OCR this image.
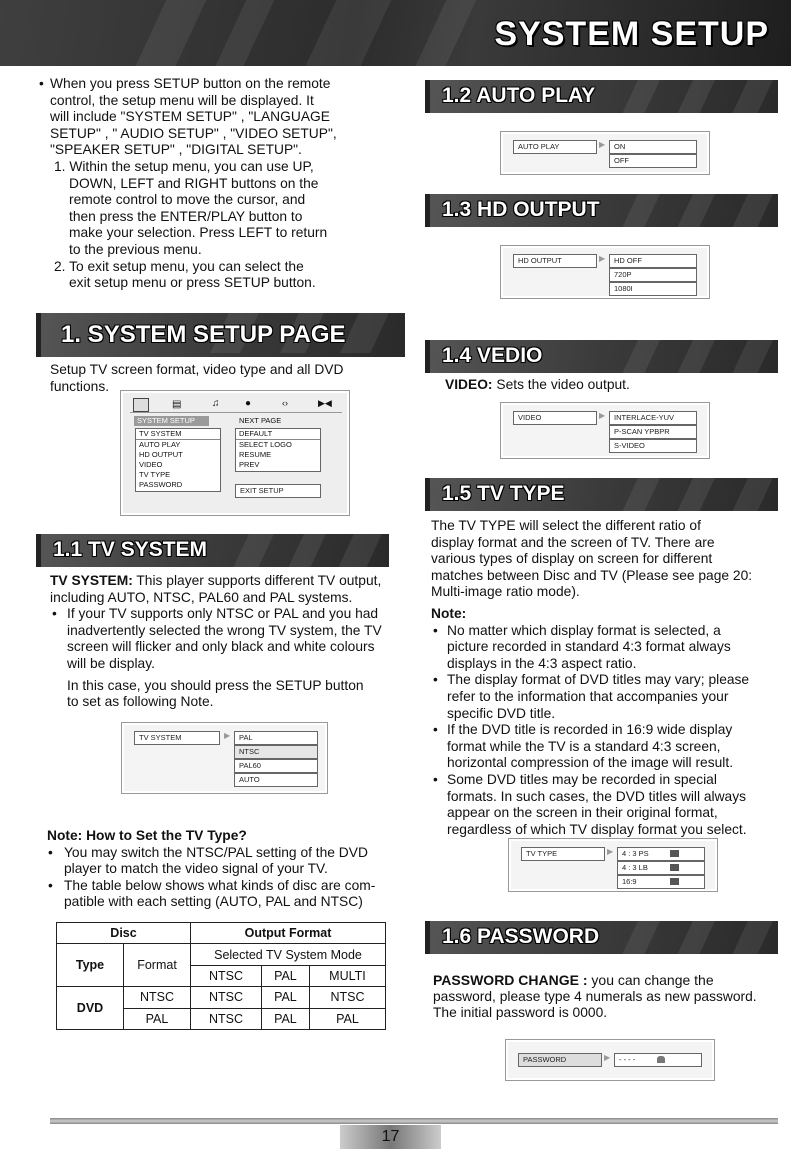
SYSTEM SETUP
• When you press SETUP button on the remote
control, the setup menu will be displayed. It
will include "SYSTEM SETUP" , "LANGUAGE
SETUP" , " AUDIO SETUP" , "VIDEO SETUP",
"SPEAKER SETUP" , "DIGITAL SETUP".
1. Within the setup menu, you can use UP,
DOWN, LEFT and RIGHT buttons on the
remote control to move the cursor, and
then press the ENTER/PLAY button to
make your selection. Press LEFT to return
to the previous menu.
2. To exit setup menu, you can select the
exit setup menu or press SETUP button.
1. SYSTEM SETUP PAGE
Setup TV screen format, video type and all DVD
functions.
▤	♫	●	‹›	▶◀
SYSTEM SETUP	NEXT PAGE
TV SYSTEM
AUTO PLAY
HD OUTPUT
VIDEO
TV TYPE
PASSWORD
DEFAULT
SELECT LOGO
RESUME
PREV
EXIT SETUP
1.1 TV SYSTEM
TV SYSTEM: This player supports different TV output,
including AUTO, NTSC, PAL60 and PAL systems.
• If your TV supports only NTSC or PAL and you had
inadvertently selected the wrong TV system, the TV
screen will flicker and only black and white colours
will be display.
In this case, you should press the SETUP button
to set as following Note.
TV SYSTEM	▶	PAL
NTSC
PAL60
AUTO
Note: How to Set the TV Type?
• You may switch the NTSC/PAL setting of the DVD
player to match the video signal of your TV.
• The table below shows what kinds of disc are com-
patible with each setting (AUTO, PAL and NTSC)
Disc		Output Format		
Type	Format	Selected TV System Mode		
		NTSC	PAL	MULTI
DVD	NTSC	NTSC	PAL	NTSC
	PAL	NTSC	PAL	PAL
1.2 AUTO PLAY
AUTO PLAY	▶	ON
OFF
1.3 HD OUTPUT
HD OUTPUT	▶	HD OFF
720P
1080I
1.4 VEDIO
VIDEO: Sets the video output.
VIDEO	▶	INTERLACE-YUV
P-SCAN YPBPR
S-VIDEO
1.5 TV TYPE
The TV TYPE will select the different ratio of
display format and the screen of TV. There are
various types of display on screen for different
matches between Disc and TV (Please see page 20:
Multi-image ratio mode).
Note:
• No matter which display format is selected, a
picture recorded in standard 4:3 format always
displays in the 4:3 aspect ratio.
• The display format of DVD titles may vary; please
refer to the information that accompanies your
specific DVD title.
• If the DVD title is recorded in 16:9 wide display
format while the TV is a standard 4:3 screen,
horizontal compression of the image will result.
• Some DVD titles may be recorded in special
formats. In such cases, the DVD titles will always
appear on the screen in their original format,
regardless of which TV display format you select.
TV TYPE	▶	4 : 3 PS
4 : 3 LB
16:9
1.6 PASSWORD
PASSWORD CHANGE : you can change the
password, please type 4 numerals as new password.
The initial password is 0000.
PASSWORD	▶	- - - -
17
